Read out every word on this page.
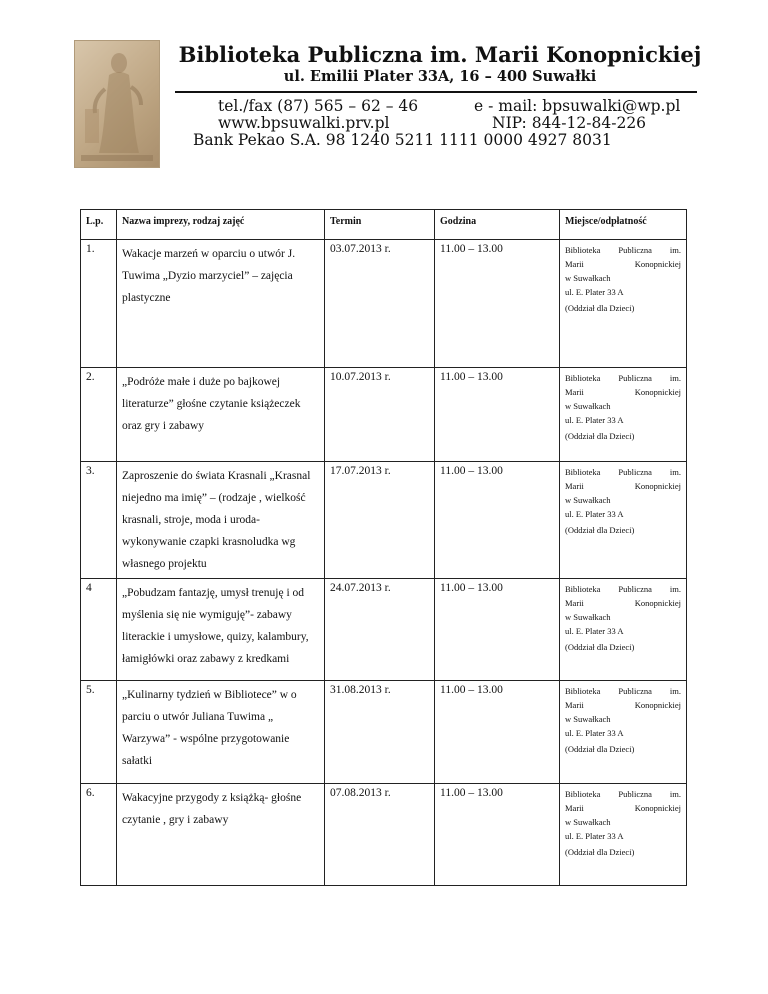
Biblioteka Publiczna im. Marii Konopnickiej
ul. Emilii Plater 33A, 16 – 400 Suwałki
tel./fax (87) 565 – 62 – 46
www.bpsuwalki.prv.pl
e - mail: bpsuwalki@wp.pl
NIP: 844-12-84-226
Bank Pekao S.A. 98 1240 5211 1111 0000 4927 8031
L.p.	Nazwa imprezy, rodzaj zajęć	Termin	Godzina	Miejsce/odpłatność
1.	Wakacje marzeń w oparciu o utwór J. Tuwima „Dyzio marzyciel” – zajęcia plastyczne	03.07.2013 r.	11.00 – 13.00	Biblioteka Publiczna im.
Marii Konopnickiej
w Suwałkach
ul. E. Plater 33 A
(Oddział dla Dzieci)

2.	„Podróże małe i duże po bajkowej literaturze” głośne czytanie książeczek oraz gry i zabawy	10.07.2013 r.	11.00 – 13.00	Biblioteka Publiczna im.
Marii Konopnickiej
w Suwałkach
ul. E. Plater 33 A
(Oddział dla Dzieci)

3.	Zaproszenie do świata Krasnali „Krasnal niejedno ma imię” – (rodzaje , wielkość krasnali, stroje, moda i uroda- wykonywanie czapki krasnoludka wg własnego projektu	17.07.2013 r.	11.00 – 13.00	Biblioteka Publiczna im.
Marii Konopnickiej
w Suwałkach
ul. E. Plater 33 A
(Oddział dla Dzieci)

4	„Pobudzam fantazję, umysł trenuję i od myślenia się nie wymiguję”- zabawy literackie i umysłowe, quizy, kalambury, łamigłówki oraz zabawy z kredkami	24.07.2013 r.	11.00 – 13.00	Biblioteka Publiczna im.
Marii Konopnickiej
w Suwałkach
ul. E. Plater 33 A
(Oddział dla Dzieci)

5.	„Kulinarny tydzień w Bibliotece” w o parciu o utwór Juliana Tuwima „ Warzywa” - wspólne przygotowanie sałatki	31.08.2013 r.	11.00 – 13.00	Biblioteka Publiczna im.
Marii Konopnickiej
w Suwałkach
ul. E. Plater 33 A
(Oddział dla Dzieci)

6.	Wakacyjne przygody z książką- głośne czytanie , gry i zabawy	07.08.2013 r.	11.00 – 13.00	Biblioteka Publiczna im.
Marii Konopnickiej
w Suwałkach
ul. E. Plater 33 A
(Oddział dla Dzieci)
